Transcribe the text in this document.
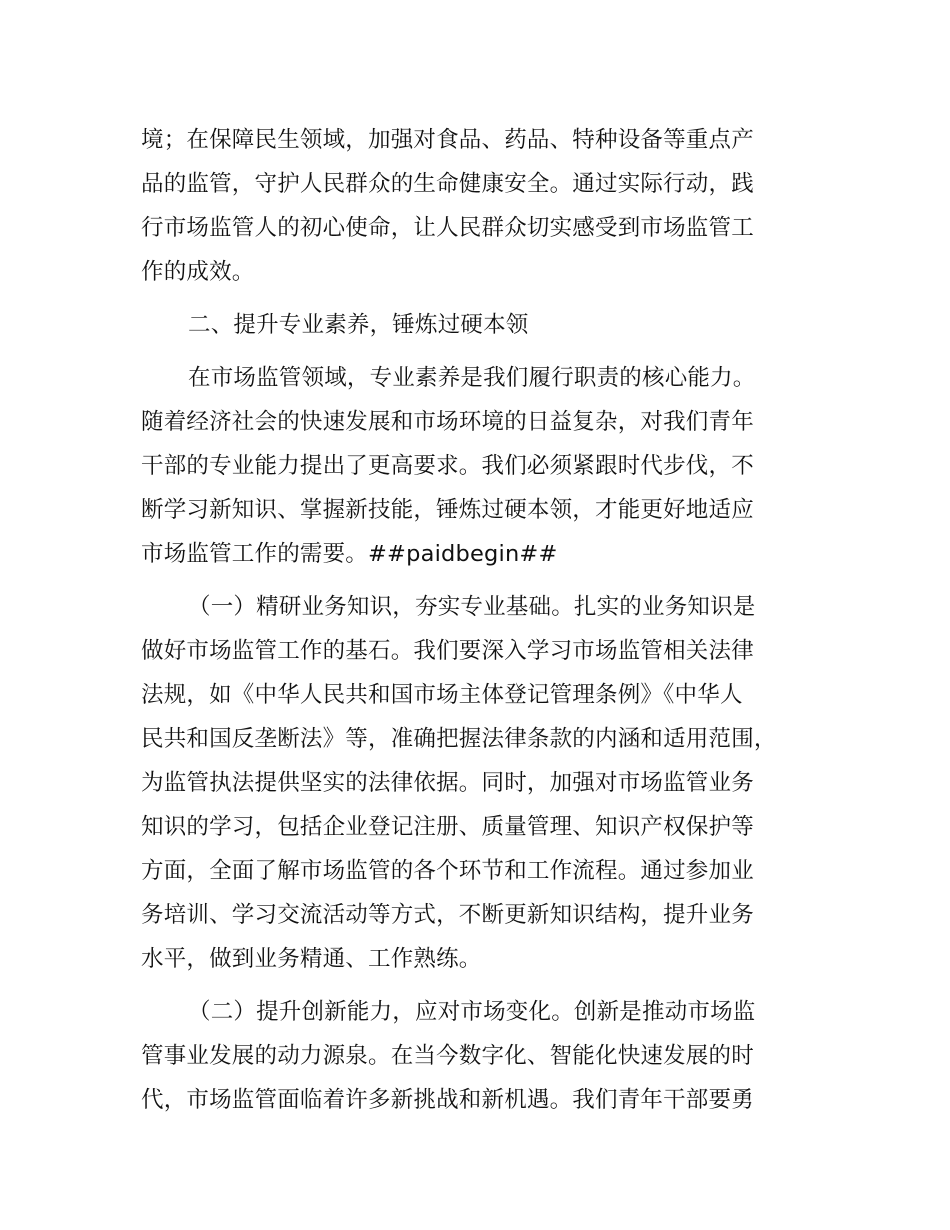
境；在保障民生领域，加强对食品、药品、特种设备等重点产
品的监管，守护人民群众的生命健康安全。通过实际行动，践
行市场监管人的初心使命，让人民群众切实感受到市场监管工
作的成效。
二、提升专业素养，锤炼过硬本领
在市场监管领域，专业素养是我们履行职责的核心能力。
随着经济社会的快速发展和市场环境的日益复杂，对我们青年
干部的专业能力提出了更高要求。我们必须紧跟时代步伐，不
断学习新知识、掌握新技能，锤炼过硬本领，才能更好地适应
市场监管工作的需要。##paidbegin##
（一）精研业务知识，夯实专业基础。扎实的业务知识是
做好市场监管工作的基石。我们要深入学习市场监管相关法律
法规，如《中华人民共和国市场主体登记管理条例》《中华人
民共和国反垄断法》等，准确把握法律条款的内涵和适用范围，
为监管执法提供坚实的法律依据。同时，加强对市场监管业务
知识的学习，包括企业登记注册、质量管理、知识产权保护等
方面，全面了解市场监管的各个环节和工作流程。通过参加业
务培训、学习交流活动等方式，不断更新知识结构，提升业务
水平，做到业务精通、工作熟练。
（二）提升创新能力，应对市场变化。创新是推动市场监
管事业发展的动力源泉。在当今数字化、智能化快速发展的时
代，市场监管面临着许多新挑战和新机遇。我们青年干部要勇
